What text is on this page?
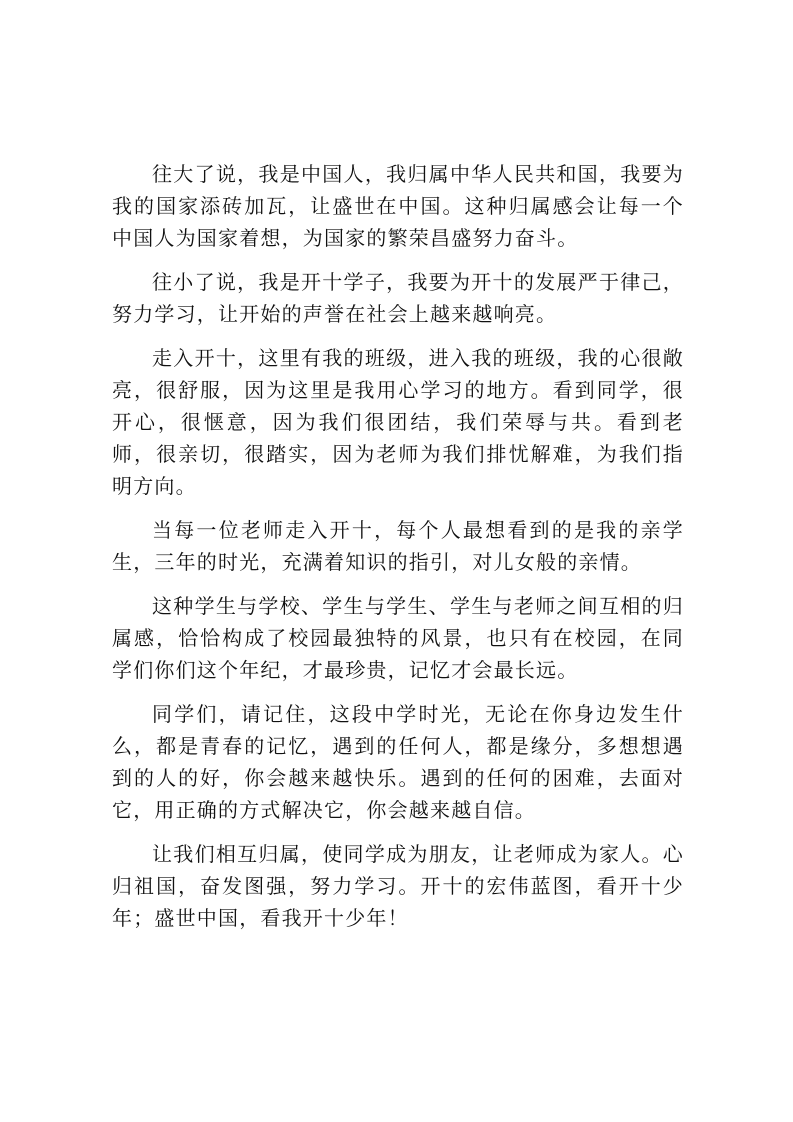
往大了说，我是中国人，我归属中华人民共和国，我要为我的国家添砖加瓦，让盛世在中国。这种归属感会让每一个中国人为国家着想，为国家的繁荣昌盛努力奋斗。

往小了说，我是开十学子，我要为开十的发展严于律己，努力学习，让开始的声誉在社会上越来越响亮。

走入开十，这里有我的班级，进入我的班级，我的心很敞亮，很舒服，因为这里是我用心学习的地方。看到同学，很开心，很惬意，因为我们很团结，我们荣辱与共。看到老师，很亲切，很踏实，因为老师为我们排忧解难，为我们指明方向。

当每一位老师走入开十，每个人最想看到的是我的亲学生，三年的时光，充满着知识的指引，对儿女般的亲情。

这种学生与学校、学生与学生、学生与老师之间互相的归属感，恰恰构成了校园最独特的风景，也只有在校园，在同学们你们这个年纪，才最珍贵，记忆才会最长远。

同学们，请记住，这段中学时光，无论在你身边发生什么，都是青春的记忆，遇到的任何人，都是缘分，多想想遇到的人的好，你会越来越快乐。遇到的任何的困难，去面对它，用正确的方式解决它，你会越来越自信。

让我们相互归属，使同学成为朋友，让老师成为家人。心归祖国，奋发图强，努力学习。开十的宏伟蓝图，看开十少年；盛世中国，看我开十少年！
